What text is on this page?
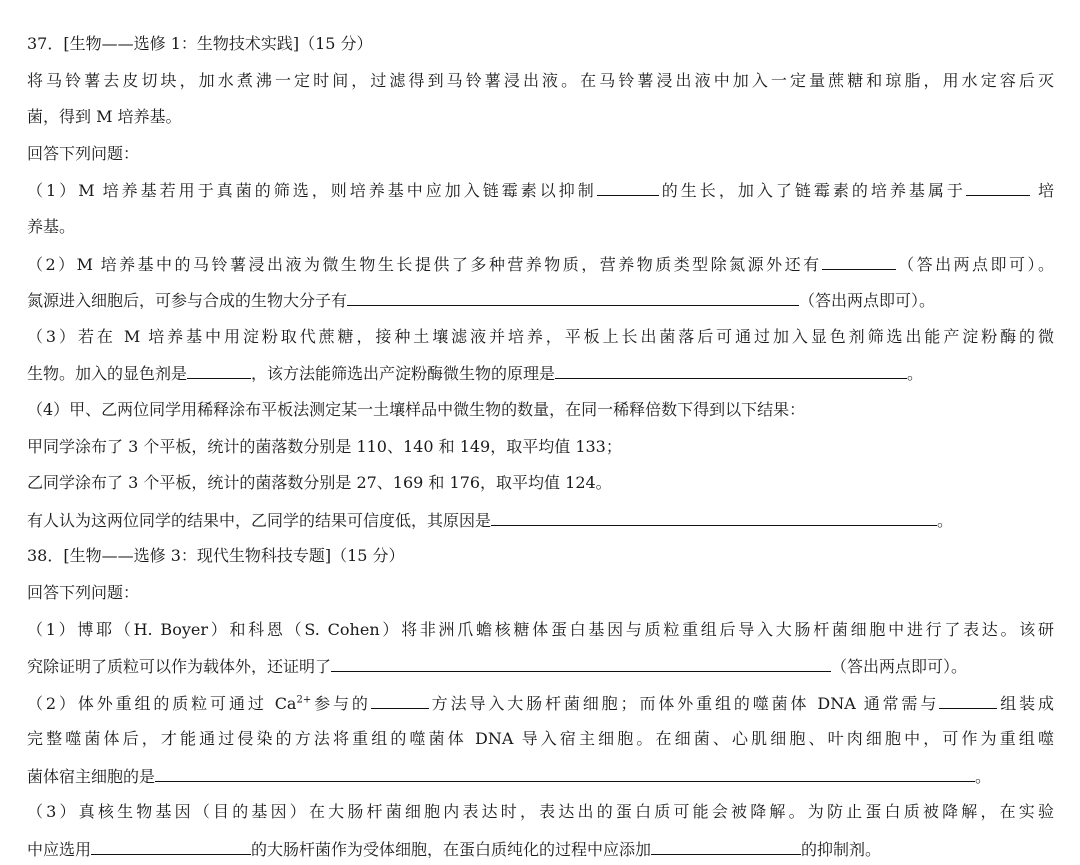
37．[生物——选修 1：生物技术实践]（15 分）
将马铃薯去皮切块，加水煮沸一定时间，过滤得到马铃薯浸出液。在马铃薯浸出液中加入一定量蔗糖和琼脂，用水定容后灭
菌，得到 M 培养基。
回答下列问题：
（1）M 培养基若用于真菌的筛选，则培养基中应加入链霉素以抑制	的生长，加入了链霉素的培养基属于	培
养基。
（2）M 培养基中的马铃薯浸出液为微生物生长提供了多种营养物质，营养物质类型除氮源外还有	（答出两点即可）。
氮源进入细胞后，可参与合成的生物大分子有	（答出两点即可）。
（3）若在 M 培养基中用淀粉取代蔗糖，接种土壤滤液并培养，平板上长出菌落后可通过加入显色剂筛选出能产淀粉酶的微
生物。加入的显色剂是	，该方法能筛选出产淀粉酶微生物的原理是	。
（4）甲、乙两位同学用稀释涂布平板法测定某一土壤样品中微生物的数量，在同一稀释倍数下得到以下结果：
甲同学涂布了 3 个平板，统计的菌落数分别是 110、140 和 149，取平均值 133；
乙同学涂布了 3 个平板，统计的菌落数分别是 27、169 和 176，取平均值 124。
有人认为这两位同学的结果中，乙同学的结果可信度低，其原因是	。
38．[生物——选修 3：现代生物科技专题]（15 分）
回答下列问题：
（1）博耶（H. Boyer）和科恩（S. Cohen）将非洲爪蟾核糖体蛋白基因与质粒重组后导入大肠杆菌细胞中进行了表达。该研
究除证明了质粒可以作为载体外，还证明了	（答出两点即可）。
（2）体外重组的质粒可通过 $Ca^{2+}$参与的	方法导入大肠杆菌细胞；而体外重组的噬菌体 DNA 通常需与	组装成
完整噬菌体后，才能通过侵染的方法将重组的噬菌体 DNA 导入宿主细胞。在细菌、心肌细胞、叶肉细胞中，可作为重组噬
菌体宿主细胞的是	。
（3）真核生物基因（目的基因）在大肠杆菌细胞内表达时，表达出的蛋白质可能会被降解。为防止蛋白质被降解，在实验
中应选用	的大肠杆菌作为受体细胞，在蛋白质纯化的过程中应添加	的抑制剂。
